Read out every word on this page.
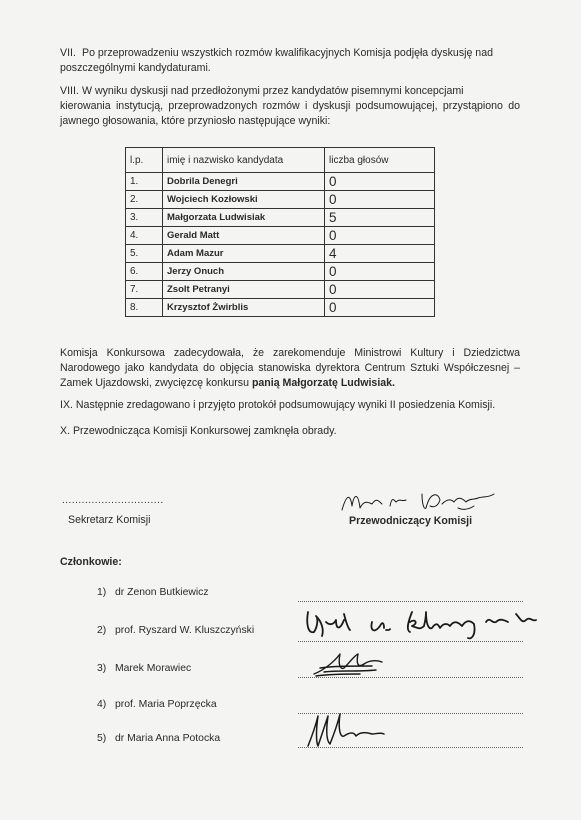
VII. Po przeprowadzeniu wszystkich rozmów kwalifikacyjnych Komisja podjęła dyskusję nad poszczególnymi kandydaturami.
VIII. W wyniku dyskusji nad przedłożonymi przez kandydatów pisemnymi koncepcjami
kierowania instytucją, przeprowadzonych rozmów i dyskusji podsumowującej, przystąpiono do jawnego głosowania, które przyniosło następujące wyniki:
l.p.	imię i nazwisko kandydata	liczba głosów
1.	Dobrila Denegri	0
2.	Wojciech Kozłowski	0
3.	Małgorzata Ludwisiak	5
4.	Gerald Matt	0
5.	Adam Mazur	4
6.	Jerzy Onuch	0
7.	Zsolt Petranyi	0
8.	Krzysztof Żwirblis	0
Komisja Konkursowa zadecydowała, że zarekomenduje Ministrowi Kultury i Dziedzictwa Narodowego jako kandydata do objęcia stanowiska dyrektora Centrum Sztuki Współczesnej – Zamek Ujazdowski, zwycięzcę konkursu panią Małgorzatę Ludwisiak.
IX. Następnie zredagowano i przyjęto protokół podsumowujący wyniki II posiedzenia Komisji.
X. Przewodnicząca Komisji Konkursowej zamknęła obrady.
...............................
Sekretarz Komisji	Przewodniczący Komisji
Członkowie:
1) dr Zenon Butkiewicz
2) prof. Ryszard W. Kluszczyński
3) Marek Morawiec
4) prof. Maria Poprzęcka
5) dr Maria Anna Potocka
